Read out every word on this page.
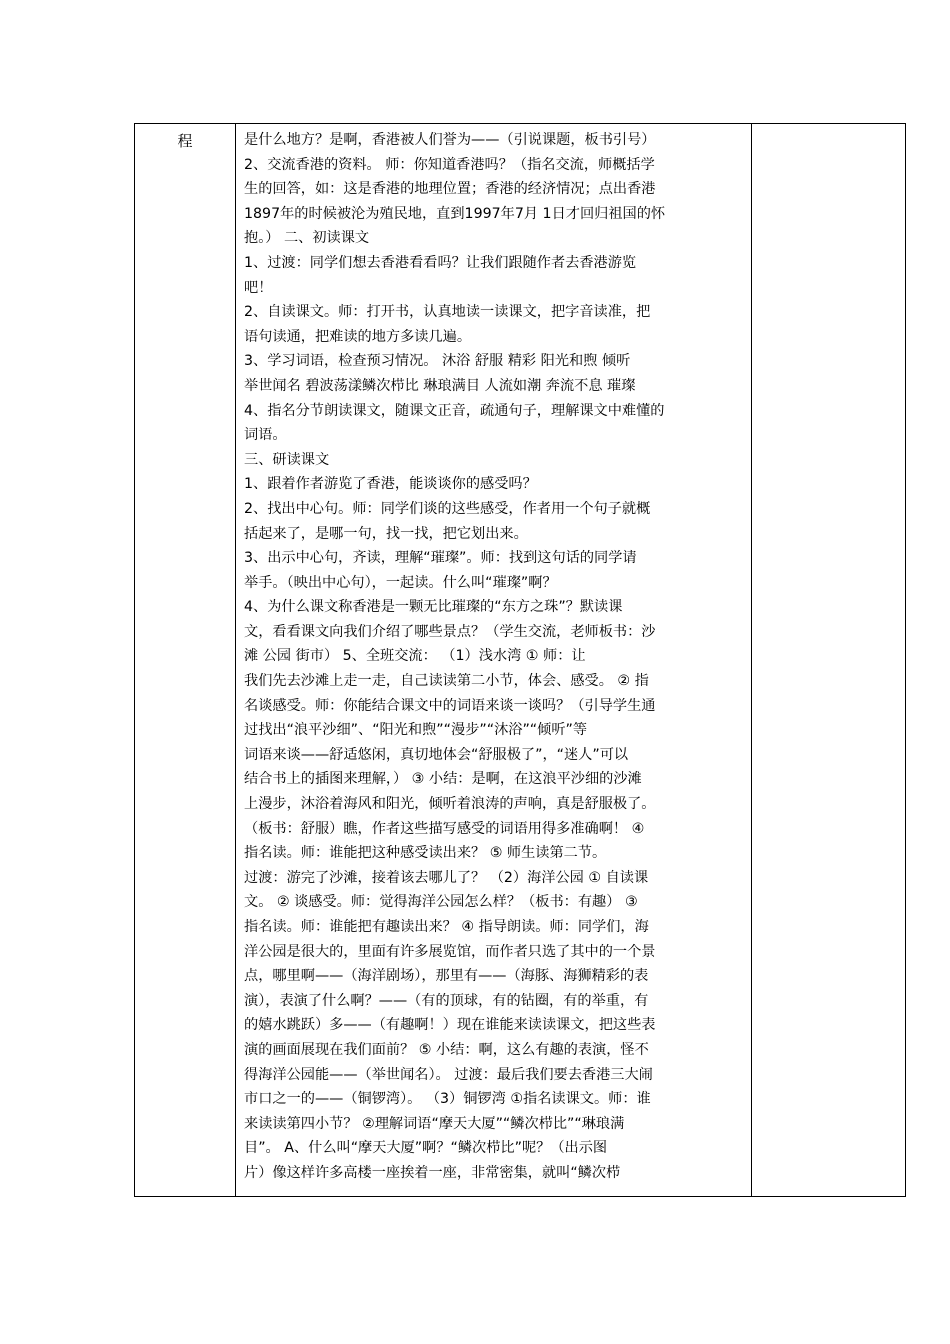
程	是什么地方？是啊，香港被人们誉为——（引说课题，板书引号）
2、交流香港的资料。 师：你知道香港吗？（指名交流，师概括学
生的回答，如：这是香港的地理位置；香港的经济情况；点出香港
1897年的时候被沦为殖民地，直到1997年7月 1日才回归祖国的怀
抱。） 二、初读课文
1、过渡：同学们想去香港看看吗？让我们跟随作者去香港游览
吧！
2、自读课文。师：打开书，认真地读一读课文，把字音读准，把
语句读通，把难读的地方多读几遍。
3、学习词语，检查预习情况。 沐浴 舒服 精彩 阳光和煦 倾听
举世闻名 碧波荡漾鳞次栉比 琳琅满目 人流如潮 奔流不息 璀璨
4、指名分节朗读课文，随课文正音，疏通句子，理解课文中难懂的
词语。
三、研读课文
1、跟着作者游览了香港，能谈谈你的感受吗？
2、找出中心句。师：同学们谈的这些感受，作者用一个句子就概
括起来了，是哪一句，找一找，把它划出来。
3、出示中心句，齐读，理解“璀璨”。师：找到这句话的同学请
举手。（映出中心句），一起读。什么叫“璀璨”啊？
4、为什么课文称香港是一颗无比璀璨的“东方之珠”？默读课
文，看看课文向我们介绍了哪些景点？（学生交流，老师板书：沙
滩 公园 街市） 5、全班交流： （1）浅水湾 ① 师：让
我们先去沙滩上走一走，自己读读第二小节，体会、感受。 ② 指
名谈感受。师：你能结合课文中的词语来谈一谈吗？（引导学生通
过找出“浪平沙细”、“阳光和煦”“漫步”“沐浴”“倾听”等
词语来谈——舒适悠闲，真切地体会“舒服极了”，“迷人”可以
结合书上的插图来理解，） ③ 小结：是啊，在这浪平沙细的沙滩
上漫步，沐浴着海风和阳光，倾听着浪涛的声响，真是舒服极了。
（板书：舒服）瞧，作者这些描写感受的词语用得多准确啊！ ④
指名读。师：谁能把这种感受读出来？ ⑤ 师生读第二节。
过渡：游完了沙滩，接着该去哪儿了？ （2）海洋公园 ① 自读课
文。 ② 谈感受。师：觉得海洋公园怎么样？（板书：有趣） ③
指名读。师：谁能把有趣读出来？ ④ 指导朗读。师：同学们，海
洋公园是很大的，里面有许多展览馆，而作者只选了其中的一个景
点，哪里啊——（海洋剧场），那里有——（海豚、海狮精彩的表
演），表演了什么啊？——（有的顶球，有的钻圈，有的举重，有
的嬉水跳跃）多——（有趣啊！）现在谁能来读读课文，把这些表
演的画面展现在我们面前？ ⑤ 小结：啊，这么有趣的表演，怪不
得海洋公园能——（举世闻名）。 过渡：最后我们要去香港三大闹
市口之一的——（铜锣湾）。 （3）铜锣湾 ①指名读课文。师：谁
来读读第四小节？ ②理解词语“摩天大厦”“鳞次栉比”“琳琅满
目”。 A、什么叫“摩天大厦”啊？“鳞次栉比”呢？（出示图
片）像这样许多高楼一座挨着一座，非常密集，就叫“鳞次栉
